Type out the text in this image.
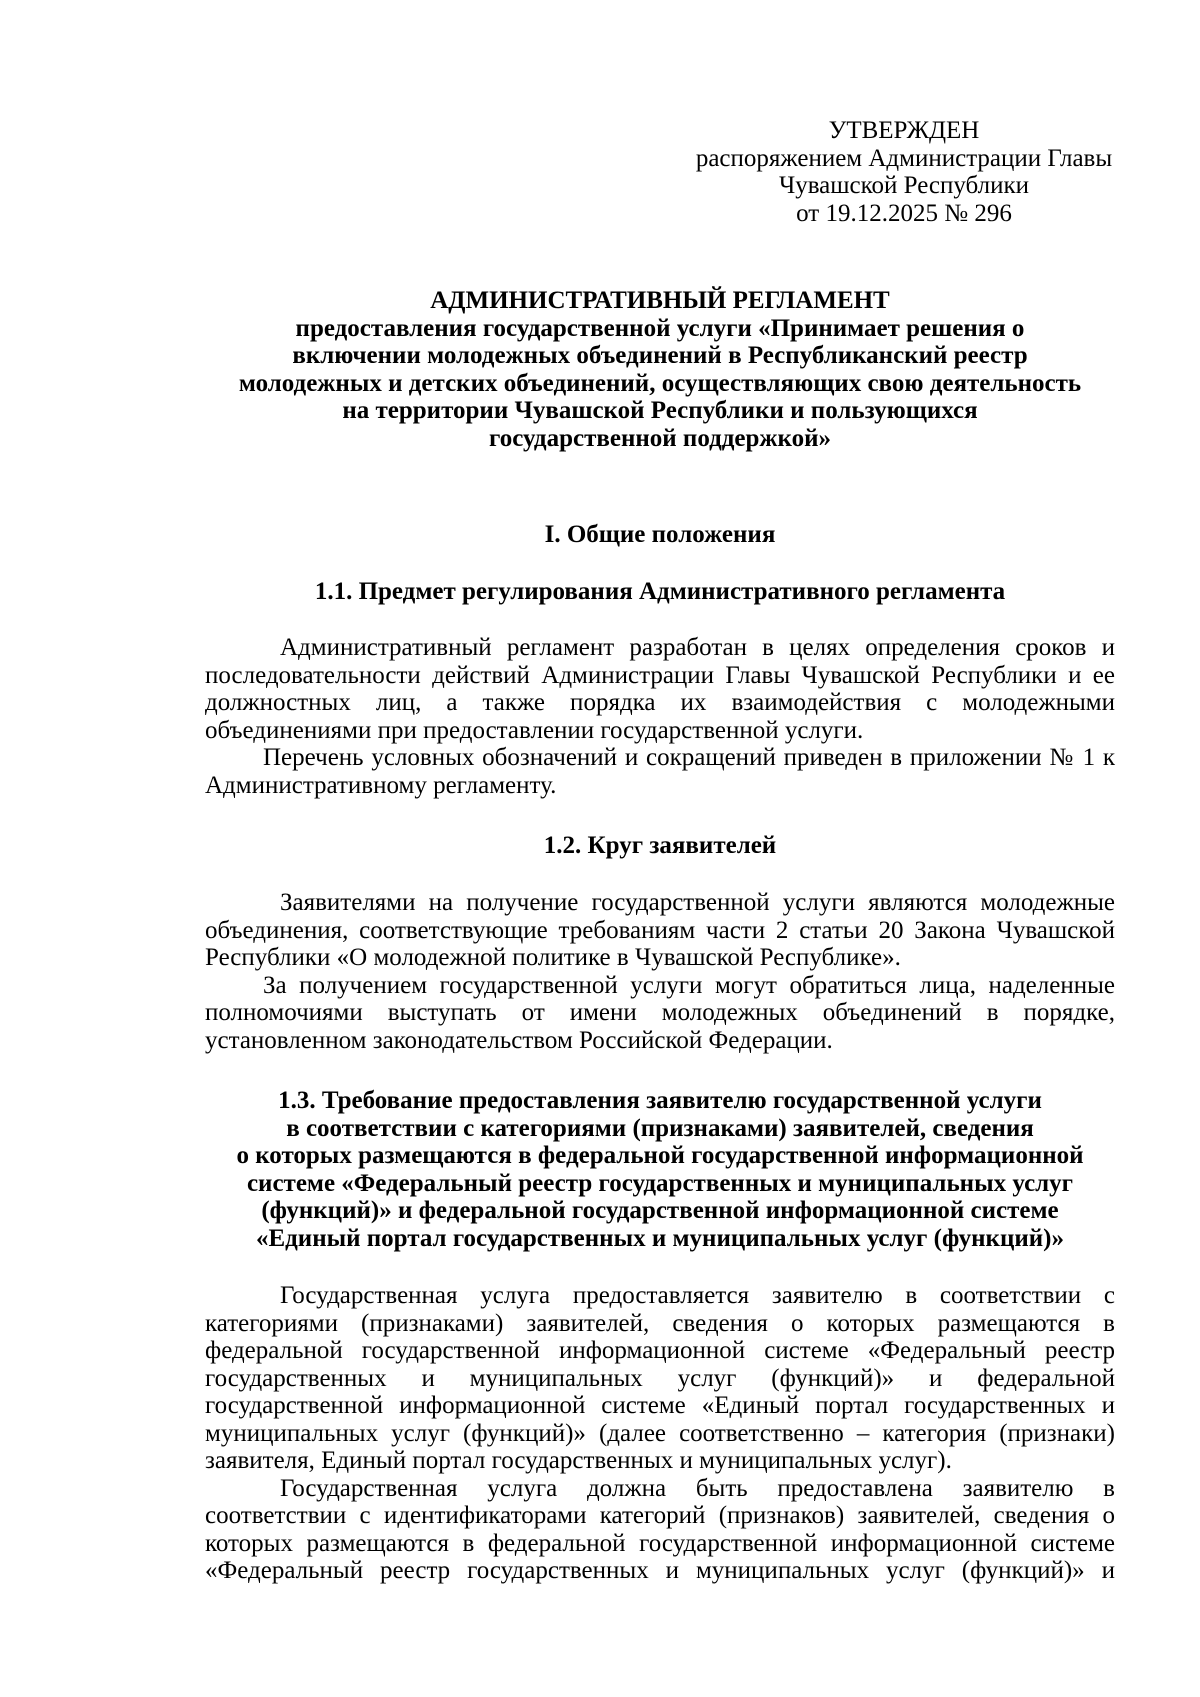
УТВЕРЖДЕН
распоряжением Администрации Главы
Чувашской Республики
от 19.12.2025 № 296
АДМИНИСТРАТИВНЫЙ РЕГЛАМЕНТ
предоставления государственной услуги «Принимает решения о
включении молодежных объединений в Республиканский реестр
молодежных и детских объединений, осуществляющих свою деятельность
на территории Чувашской Республики и пользующихся
государственной поддержкой»
I. Общие положения
1.1. Предмет регулирования Административного регламента

Административный регламент разработан в целях определения сроков и последовательности действий Администрации Главы Чувашской Республики и ее должностных лиц, а также порядка их взаимодействия с молодежными объединениями при предоставлении государственной услуги.

Перечень условных обозначений и сокращений приведен в приложении № 1 к Административному регламенту.

1.2. Круг заявителей

Заявителями на получение государственной услуги являются молодежные объединения, соответствующие требованиям части 2 статьи 20 Закона Чувашской Республики «О молодежной политике в Чувашской Республике».

За получением государственной услуги могут обратиться лица, наделенные полномочиями выступать от имени молодежных объединений в порядке, установленном законодательством Российской Федерации.

1.3. Требование предоставления заявителю государственной услуги
в соответствии с категориями (признаками) заявителей, сведения
о которых размещаются в федеральной государственной информационной
системе «Федеральный реестр государственных и муниципальных услуг
(функций)» и федеральной государственной информационной системе
«Единый портал государственных и муниципальных услуг (функций)»

Государственная услуга предоставляется заявителю в соответствии с категориями (признаками) заявителей, сведения о которых размещаются в федеральной государственной информационной системе «Федеральный реестр государственных и муниципальных услуг (функций)» и федеральной государственной информационной системе «Единый портал государственных и муниципальных услуг (функций)» (далее соответственно – категория (признаки) заявителя, Единый портал государственных и муниципальных услуг).

Государственная услуга должна быть предоставлена заявителю в соответствии с идентификаторами категорий (признаков) заявителей, сведения о которых размещаются в федеральной государственной информационной системе «Федеральный реестр государственных и муниципальных услуг (функций)» и
